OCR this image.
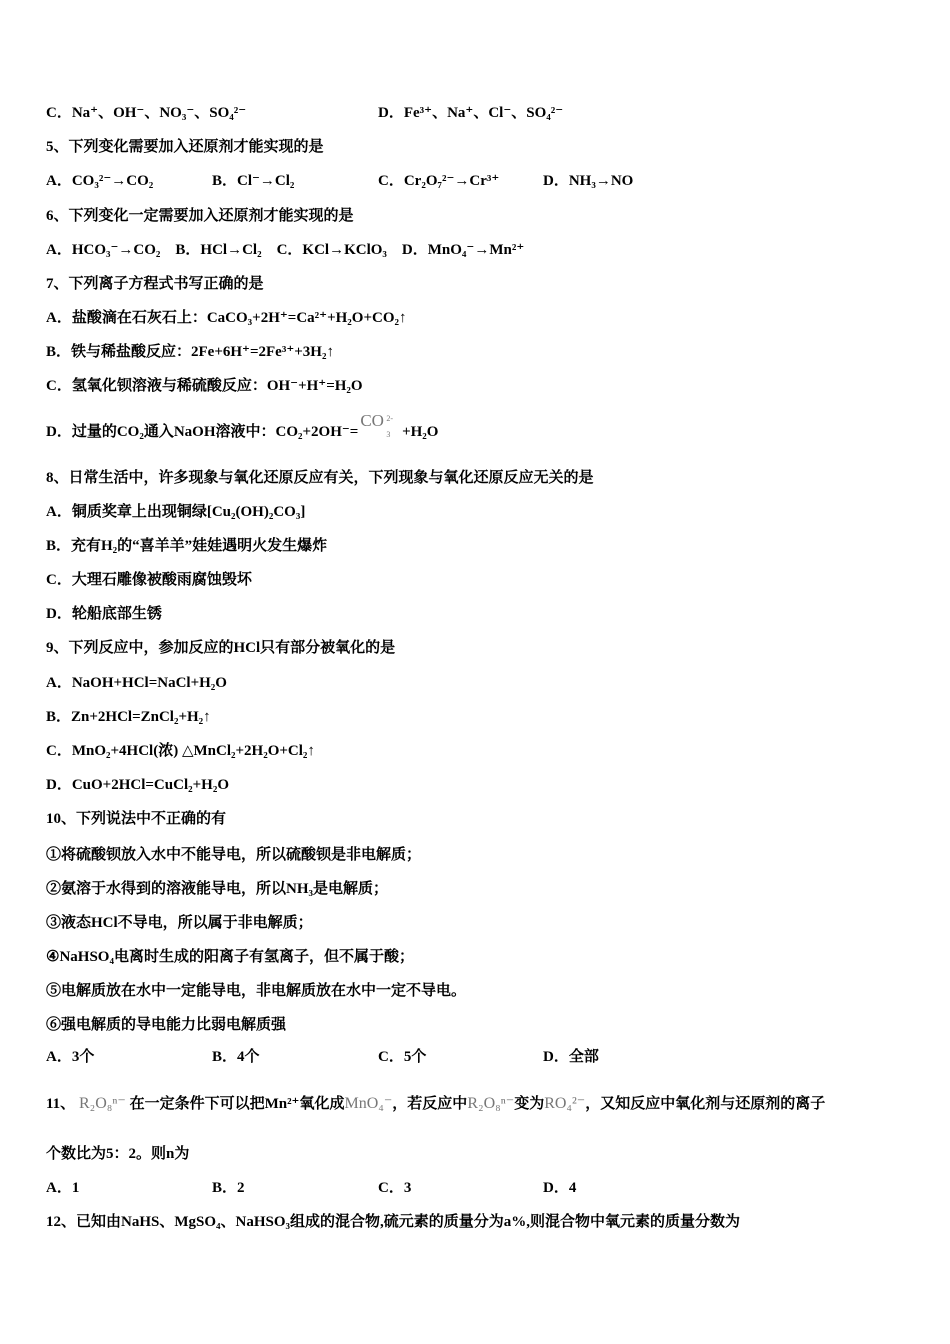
C．Na⁺、OH⁻、NO₃⁻、SO₄²⁻	D．Fe³⁺、Na⁺、Cl⁻、SO₄²⁻
5、下列变化需要加入还原剂才能实现的是
A．CO₃²⁻→CO₂	B．Cl⁻→Cl₂	C．Cr₂O₇²⁻→Cr³⁺	D．NH₃→NO
6、下列变化一定需要加入还原剂才能实现的是
A．HCO₃⁻→CO₂　B．HCl→Cl₂　C．KCl→KClO₃　D．MnO₄⁻→Mn²⁺
7、下列离子方程式书写正确的是
A．盐酸滴在石灰石上：CaCO₃+2H⁺=Ca²⁺+H₂O+CO₂↑
B．铁与稀盐酸反应：2Fe+6H⁺=2Fe³⁺+3H₂↑
C．氢氧化钡溶液与稀硫酸反应：OH⁻+H⁺=H₂O
D．过量的CO₂通入NaOH溶液中：CO₂+2OH⁻=
CO 2-
3 +H₂O
8、日常生活中，许多现象与氧化还原反应有关，下列现象与氧化还原反应无关的是
A．铜质奖章上出现铜绿[Cu₂(OH)₂CO₃]
B．充有H₂的“喜羊羊”娃娃遇明火发生爆炸
C．大理石雕像被酸雨腐蚀毁坏
D．轮船底部生锈
9、下列反应中，参加反应的HCl只有部分被氧化的是
A．NaOH+HCl=NaCl+H₂O
B．Zn+2HCl=ZnCl₂+H₂↑
C．MnO₂+4HCl(浓) △MnCl₂+2H₂O+Cl₂↑
D．CuO+2HCl=CuCl₂+H₂O
10、下列说法中不正确的有
①将硫酸钡放入水中不能导电，所以硫酸钡是非电解质；
②氨溶于水得到的溶液能导电，所以NH₃是电解质；
③液态HCl不导电，所以属于非电解质；
④NaHSO₄电离时生成的阳离子有氢离子，但不属于酸；
⑤电解质放在水中一定能导电，非电解质放在水中一定不导电。
⑥强电解质的导电能力比弱电解质强
A．3个	B．4个	C．5个	D．全部
11、 R₂O₈ⁿ⁻ 在一定条件下可以把Mn²⁺氧化成MnO₄⁻，若反应中R₂O₈ⁿ⁻变为RO₄²⁻，又知反应中氧化剂与还原剂的离子
个数比为5：2。则n为
A．1	B．2	C．3	D．4
12、已知由NaHS、MgSO₄、NaHSO₃组成的混合物,硫元素的质量分为a%,则混合物中氧元素的质量分数为
